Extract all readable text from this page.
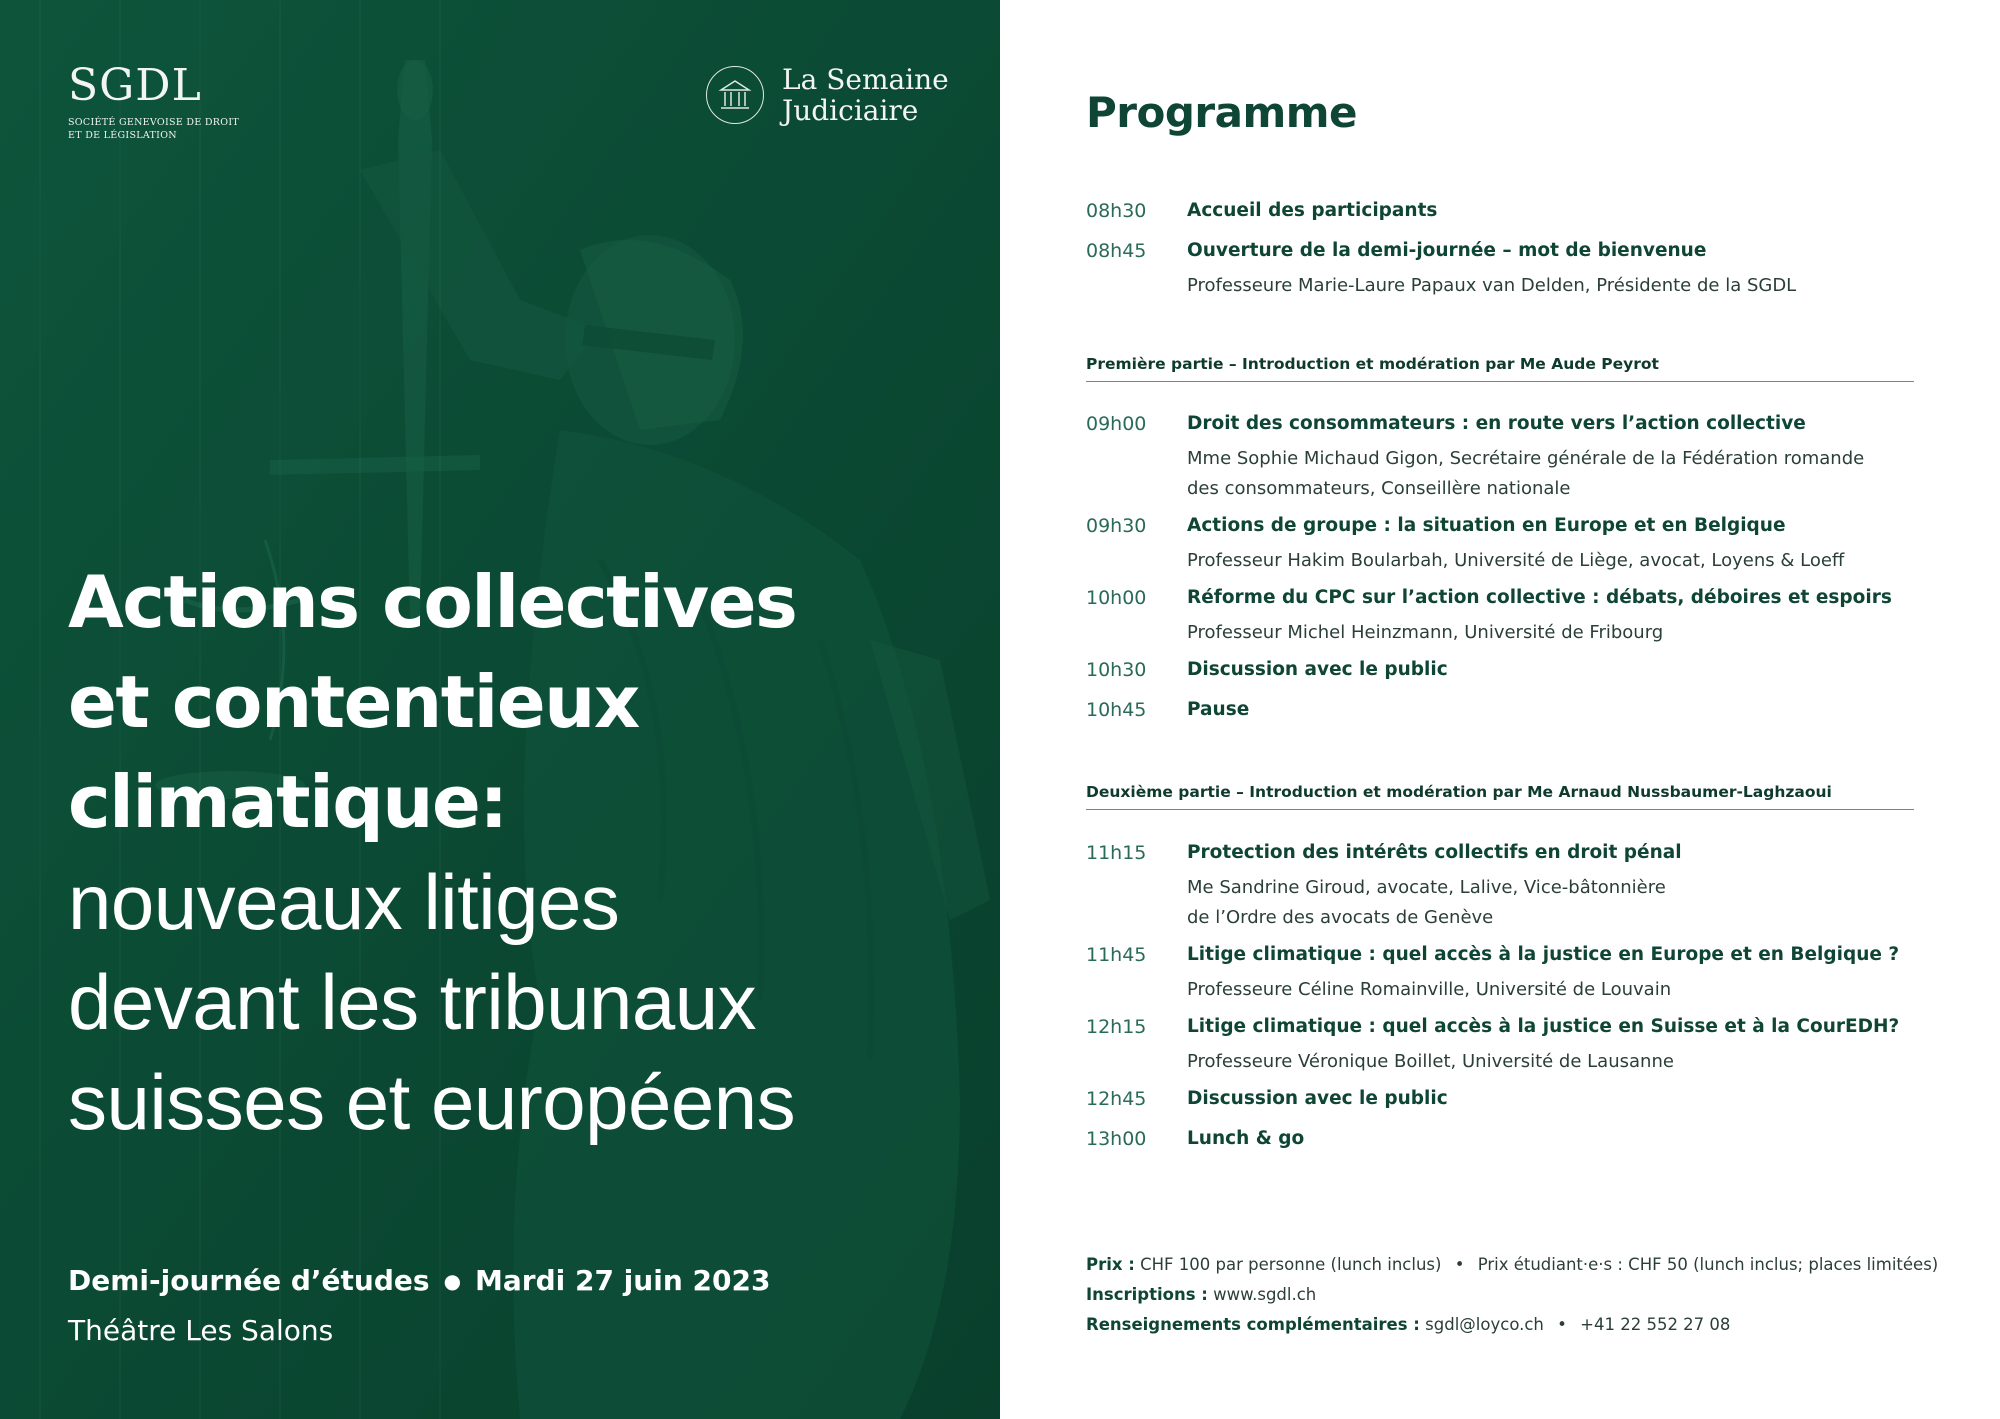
SGDL
SOCIÉTÉ GENEVOISE DE DROIT ET DE LÉGISLATION
La Semaine
Judiciaire
Actions collectives
et contentieux
climatique:
nouveaux litiges
devant les tribunaux
suisses et européens
Demi-journée d’études ● Mardi 27 juin 2023
Théâtre Les Salons
Programme
08h30 Accueil des participants
08h45 Ouverture de la demi-journée – mot de bienvenue
Professeure Marie-Laure Papaux van Delden, Présidente de la SGDL
Première partie – Introduction et modération par Me Aude Peyrot
09h00 Droit des consommateurs : en route vers l’action collective
Mme Sophie Michaud Gigon, Secrétaire générale de la Fédération romande
des consommateurs, Conseillère nationale
09h30 Actions de groupe : la situation en Europe et en Belgique
Professeur Hakim Boularbah, Université de Liège, avocat, Loyens & Loeff
10h00 Réforme du CPC sur l’action collective : débats, déboires et espoirs
Professeur Michel Heinzmann, Université de Fribourg
10h30 Discussion avec le public
10h45 Pause
Deuxième partie – Introduction et modération par Me Arnaud Nussbaumer-Laghzaoui
11h15 Protection des intérêts collectifs en droit pénal
Me Sandrine Giroud, avocate, Lalive, Vice-bâtonnière
de l’Ordre des avocats de Genève
11h45 Litige climatique : quel accès à la justice en Europe et en Belgique ?
Professeure Céline Romainville, Université de Louvain
12h15 Litige climatique : quel accès à la justice en Suisse et à la CourEDH?
Professeure Véronique Boillet, Université de Lausanne
12h45 Discussion avec le public
13h00 Lunch & go
Prix : CHF 100 par personne (lunch inclus) • Prix étudiant·e·s : CHF 50 (lunch inclus; places limitées)
Inscriptions : www.sgdl.ch
Renseignements complémentaires : sgdl@loyco.ch • +41 22 552 27 08
